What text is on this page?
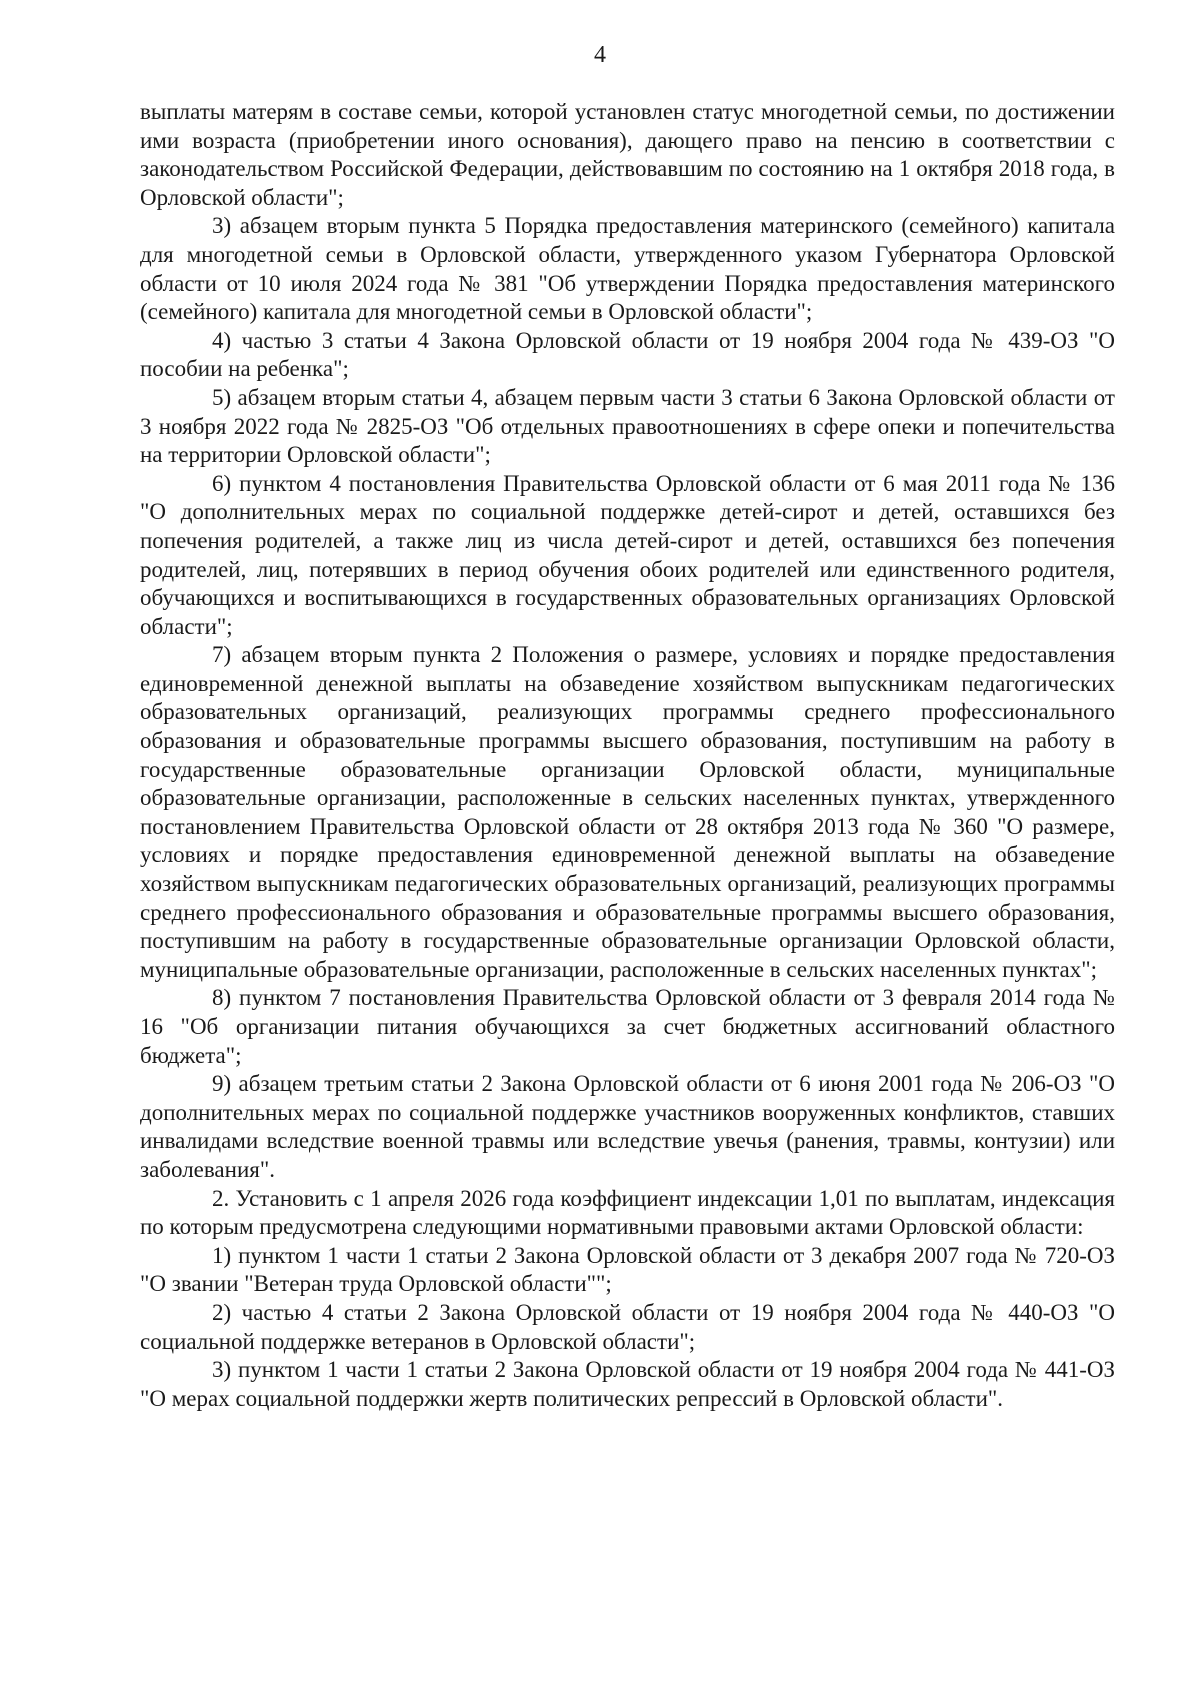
4

выплаты матерям в составе семьи, которой установлен статус многодетной семьи, по достижении ими возраста (приобретении иного основания), дающего право на пенсию в соответствии с законодательством Российской Федерации, действовавшим по состоянию на 1 октября 2018 года, в Орловской области";

3) абзацем вторым пункта 5 Порядка предоставления материнского (семейного) капитала для многодетной семьи в Орловской области, утвержденного указом Губернатора Орловской области от 10 июля 2024 года № 381 "Об утверждении Порядка предоставления материнского (семейного) капитала для многодетной семьи в Орловской области";

4) частью 3 статьи 4 Закона Орловской области от 19 ноября 2004 года № 439-ОЗ "О пособии на ребенка";

5) абзацем вторым статьи 4, абзацем первым части 3 статьи 6 Закона Орловской области от 3 ноября 2022 года № 2825-ОЗ "Об отдельных правоотношениях в сфере опеки и попечительства на территории Орловской области";

6) пунктом 4 постановления Правительства Орловской области от 6 мая 2011 года № 136 "О дополнительных мерах по социальной поддержке детей-сирот и детей, оставшихся без попечения родителей, а также лиц из числа детей-сирот и детей, оставшихся без попечения родителей, лиц, потерявших в период обучения обоих родителей или единственного родителя, обучающихся и воспитывающихся в государственных образовательных организациях Орловской области";

7) абзацем вторым пункта 2 Положения о размере, условиях и порядке предоставления единовременной денежной выплаты на обзаведение хозяйством выпускникам педагогических образовательных организаций, реализующих программы среднего профессионального образования и образовательные программы высшего образования, поступившим на работу в государственные образовательные организации Орловской области, муниципальные образовательные организации, расположенные в сельских населенных пунктах, утвержденного постановлением Правительства Орловской области от 28 октября 2013 года № 360 "О размере, условиях и порядке предоставления единовременной денежной выплаты на обзаведение хозяйством выпускникам педагогических образовательных организаций, реализующих программы среднего профессионального образования и образовательные программы высшего образования, поступившим на работу в государственные образовательные организации Орловской области, муниципальные образовательные организации, расположенные в сельских населенных пунктах";

8) пунктом 7 постановления Правительства Орловской области от 3 февраля 2014 года № 16 "Об организации питания обучающихся за счет бюджетных ассигнований областного бюджета";

9) абзацем третьим статьи 2 Закона Орловской области от 6 июня 2001 года № 206-ОЗ "О дополнительных мерах по социальной поддержке участников вооруженных конфликтов, ставших инвалидами вследствие военной травмы или вследствие увечья (ранения, травмы, контузии) или заболевания".

2. Установить с 1 апреля 2026 года коэффициент индексации 1,01 по выплатам, индексация по которым предусмотрена следующими нормативными правовыми актами Орловской области:

1) пунктом 1 части 1 статьи 2 Закона Орловской области от 3 декабря 2007 года № 720-ОЗ "О звании "Ветеран труда Орловской области"";

2) частью 4 статьи 2 Закона Орловской области от 19 ноября 2004 года № 440-ОЗ "О социальной поддержке ветеранов в Орловской области";

3) пунктом 1 части 1 статьи 2 Закона Орловской области от 19 ноября 2004 года № 441-ОЗ "О мерах социальной поддержки жертв политических репрессий в Орловской области".
